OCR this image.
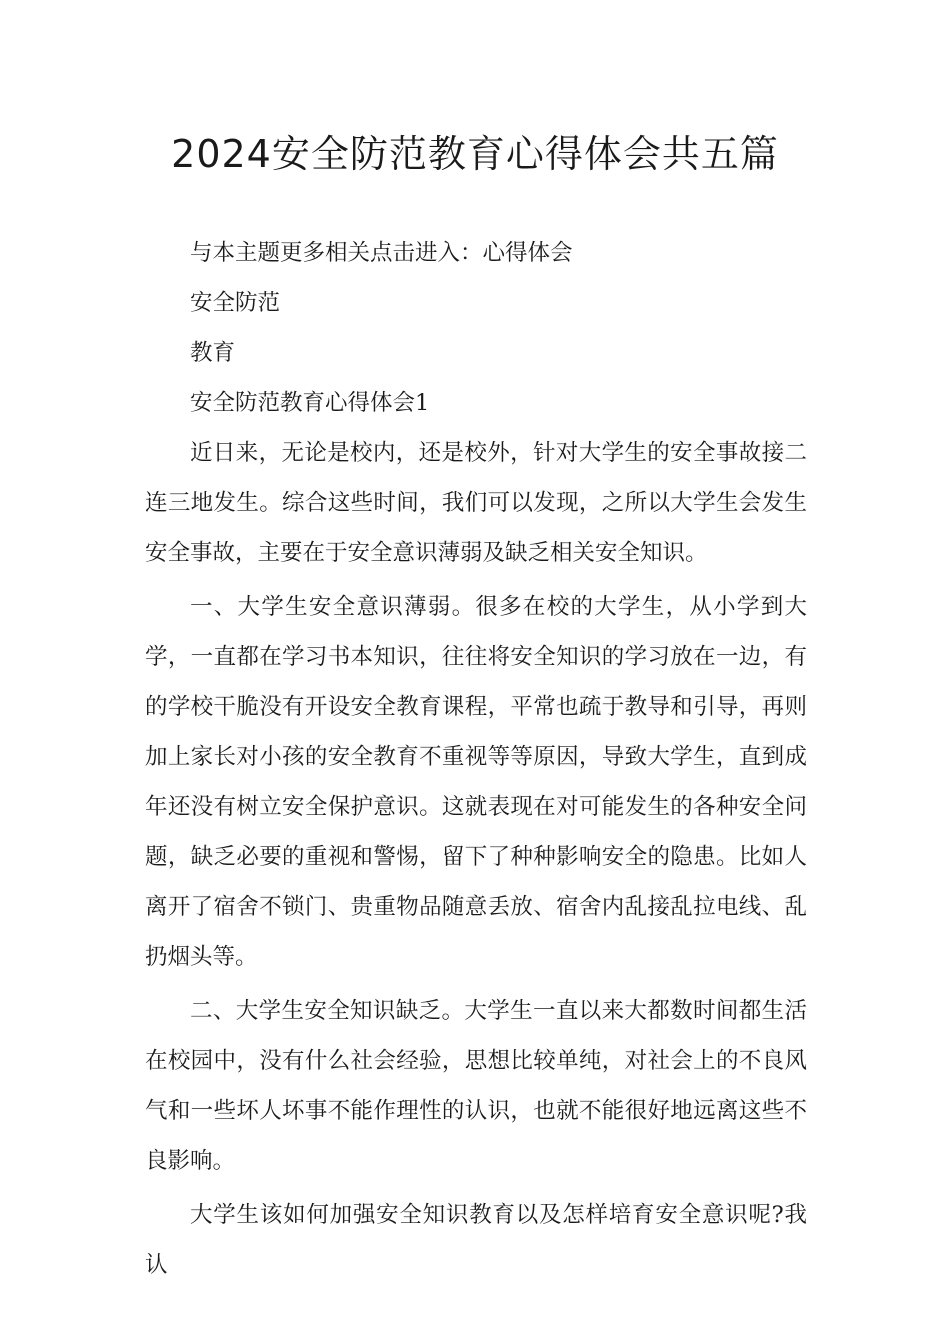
2024安全防范教育心得体会共五篇

与本主题更多相关点击进入：心得体会

安全防范

教育

安全防范教育心得体会1

近日来，无论是校内，还是校外，针对大学生的安全事故接二连三地发生。综合这些时间，我们可以发现，之所以大学生会发生安全事故，主要在于安全意识薄弱及缺乏相关安全知识。

一、大学生安全意识薄弱。很多在校的大学生，从小学到大学，一直都在学习书本知识，往往将安全知识的学习放在一边，有的学校干脆没有开设安全教育课程，平常也疏于教导和引导，再则加上家长对小孩的安全教育不重视等等原因，导致大学生，直到成年还没有树立安全保护意识。这就表现在对可能发生的各种安全问题，缺乏必要的重视和警惕，留下了种种影响安全的隐患。比如人离开了宿舍不锁门、贵重物品随意丢放、宿舍内乱接乱拉电线、乱扔烟头等。

二、大学生安全知识缺乏。大学生一直以来大都数时间都生活在校园中，没有什么社会经验，思想比较单纯，对社会上的不良风气和一些坏人坏事不能作理性的认识，也就不能很好地远离这些不良影响。

大学生该如何加强安全知识教育以及怎样培育安全意识呢?我认
